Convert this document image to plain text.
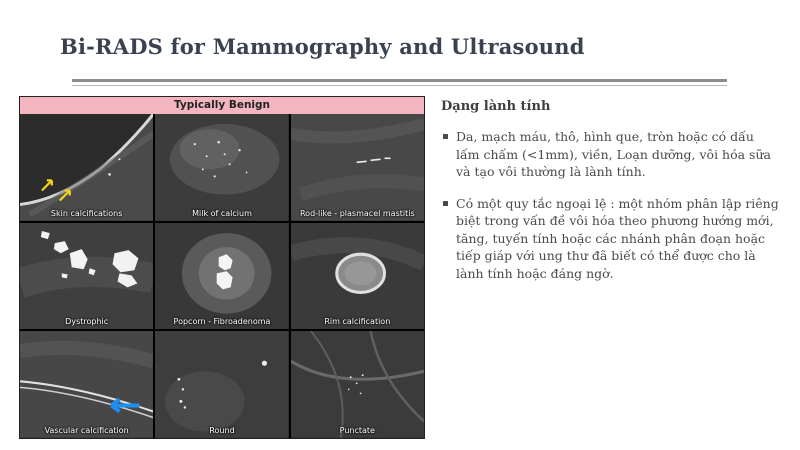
Bi-RADS for Mammography and Ultrasound
Typically Benign
Skin calcifications	Milk of calcium	Rod-like - plasmacel mastitis
Dystrophic	Popcorn - Fibroadenoma	Rim calcification
Vascular calcification	Round	Punctate
Dạng lành tính
Da, mạch máu, thô, hình que, tròn hoặc có dấu lấm chấm (<1mm), viền, Loạn dưỡng, vôi hóa sữa và tạo vôi thường là lành tính.
Có một quy tắc ngoại lệ : một nhóm phân lập riêng biệt trong vấn đề vôi hóa theo phương hướng mới, tăng, tuyến tính hoặc các nhánh phân đoạn hoặc tiếp giáp với ung thư đã biết có thể được cho là lành tính hoặc đáng ngờ.
